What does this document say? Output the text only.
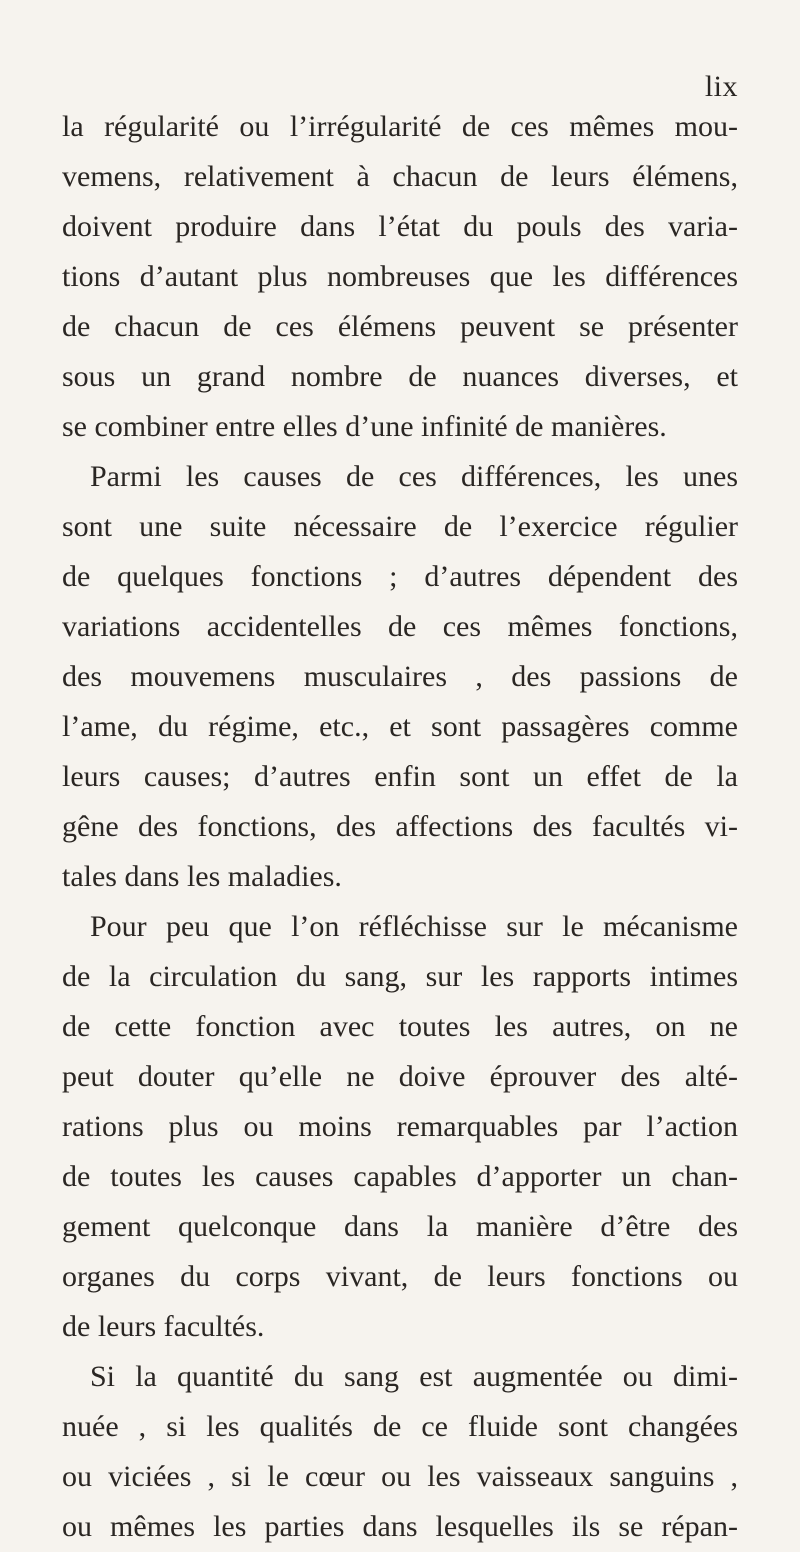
lix
la régularité ou l’irrégularité de ces mêmes mou-
vemens, relativement à chacun de leurs élémens,
doivent produire dans l’état du pouls des varia-
tions d’autant plus nombreuses que les différences
de chacun de ces élémens peuvent se présenter
sous un grand nombre de nuances diverses, et
se combiner entre elles d’une infinité de manières.
Parmi les causes de ces différences, les unes
sont une suite nécessaire de l’exercice régulier
de quelques fonctions ; d’autres dépendent des
variations accidentelles de ces mêmes fonctions,
des mouvemens musculaires , des passions de
l’ame, du régime, etc., et sont passagères comme
leurs causes; d’autres enfin sont un effet de la
gêne des fonctions, des affections des facultés vi-
tales dans les maladies.
Pour peu que l’on réfléchisse sur le mécanisme
de la circulation du sang, sur les rapports intimes
de cette fonction avec toutes les autres, on ne
peut douter qu’elle ne doive éprouver des alté-
rations plus ou moins remarquables par l’action
de toutes les causes capables d’apporter un chan-
gement quelconque dans la manière d’être des
organes du corps vivant, de leurs fonctions ou
de leurs facultés.
Si la quantité du sang est augmentée ou dimi-
nuée , si les qualités de ce fluide sont changées
ou viciées , si le cœur ou les vaisseaux sanguins ,
ou mêmes les parties dans lesquelles ils se répan-
